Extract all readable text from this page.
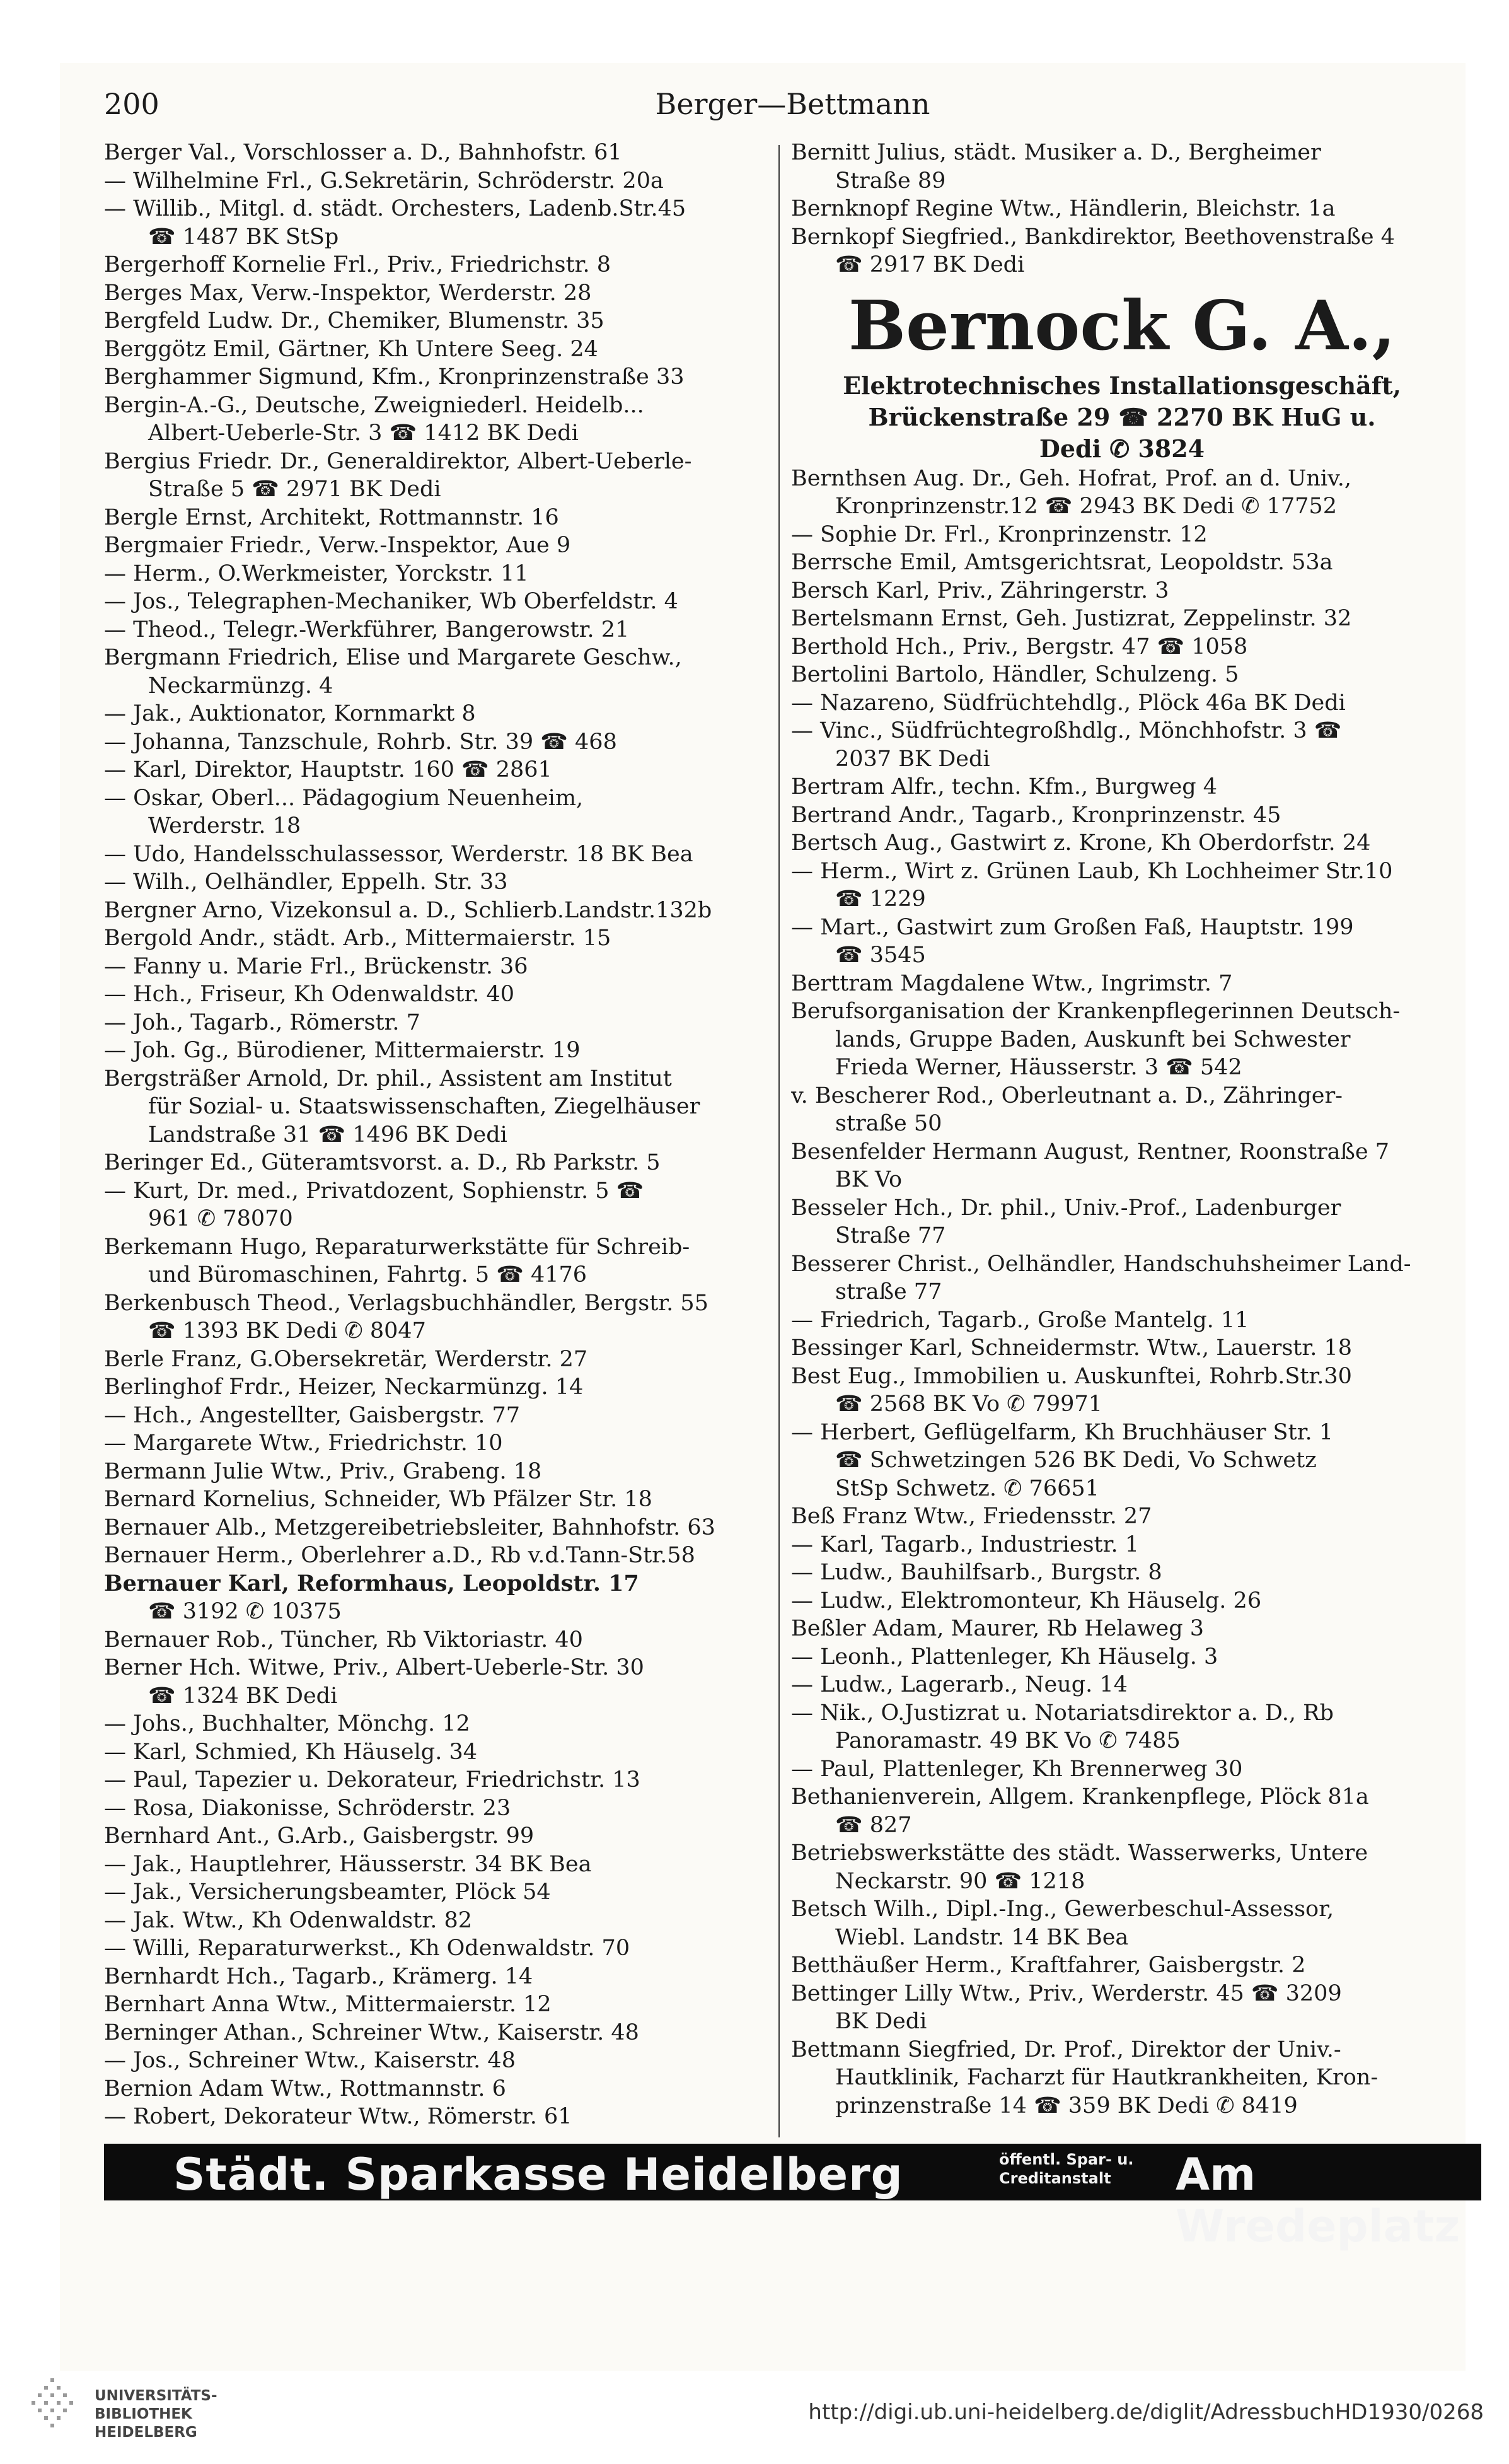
Berger—Bettmann
200

Berger Val., Vorschlosser a. D., Bahnhofstr. 61

— Wilhelmine Frl., G.Sekretärin, Schröderstr. 20a

— Willib., Mitgl. d. städt. Orchesters, Ladenb.Str.45

☎ 1487 BK StSp

Bergerhoff Kornelie Frl., Priv., Friedrichstr. 8

Berges Max, Verw.-Inspektor, Werderstr. 28

Bergfeld Ludw. Dr., Chemiker, Blumenstr. 35

Berggötz Emil, Gärtner, Kh Untere Seeg. 24

Berghammer Sigmund, Kfm., Kronprinzenstraße 33

Bergin-A.-G., Deutsche, Zweigniederl. Heidelb...

Albert-Ueberle-Str. 3 ☎ 1412 BK Dedi

Bergius Friedr. Dr., Generaldirektor, Albert-Ueberle-

Straße 5 ☎ 2971 BK Dedi

Bergle Ernst, Architekt, Rottmannstr. 16

Bergmaier Friedr., Verw.-Inspektor, Aue 9

— Herm., O.Werkmeister, Yorckstr. 11

— Jos., Telegraphen-Mechaniker, Wb Oberfeldstr. 4

— Theod., Telegr.-Werkführer, Bangerowstr. 21

Bergmann Friedrich, Elise und Margarete Geschw.,

Neckarmünzg. 4

— Jak., Auktionator, Kornmarkt 8

— Johanna, Tanzschule, Rohrb. Str. 39 ☎ 468

— Karl, Direktor, Hauptstr. 160 ☎ 2861

— Oskar, Oberl... Pädagogium Neuenheim,

Werderstr. 18

— Udo, Handelsschulassessor, Werderstr. 18 BK Bea

— Wilh., Oelhändler, Eppelh. Str. 33

Bergner Arno, Vizekonsul a. D., Schlierb.Landstr.132b

Bergold Andr., städt. Arb., Mittermaierstr. 15

— Fanny u. Marie Frl., Brückenstr. 36

— Hch., Friseur, Kh Odenwaldstr. 40

— Joh., Tagarb., Römerstr. 7

— Joh. Gg., Bürodiener, Mittermaierstr. 19

Bergsträßer Arnold, Dr. phil., Assistent am Institut

für Sozial- u. Staatswissenschaften, Ziegelhäuser

Landstraße 31 ☎ 1496 BK Dedi

Beringer Ed., Güteramtsvorst. a. D., Rb Parkstr. 5

— Kurt, Dr. med., Privatdozent, Sophienstr. 5 ☎

961 ✆ 78070

Berkemann Hugo, Reparaturwerkstätte für Schreib-

und Büromaschinen, Fahrtg. 5 ☎ 4176

Berkenbusch Theod., Verlagsbuchhändler, Bergstr. 55

☎ 1393 BK Dedi ✆ 8047

Berle Franz, G.Obersekretär, Werderstr. 27

Berlinghof Frdr., Heizer, Neckarmünzg. 14

— Hch., Angestellter, Gaisbergstr. 77

— Margarete Wtw., Friedrichstr. 10

Bermann Julie Wtw., Priv., Grabeng. 18

Bernard Kornelius, Schneider, Wb Pfälzer Str. 18

Bernauer Alb., Metzgereibetriebsleiter, Bahnhofstr. 63

Bernauer Herm., Oberlehrer a.D., Rb v.d.Tann-Str.58

Bernauer Karl, Reformhaus, Leopoldstr. 17

☎ 3192 ✆ 10375

Bernauer Rob., Tüncher, Rb Viktoriastr. 40

Berner Hch. Witwe, Priv., Albert-Ueberle-Str. 30

☎ 1324 BK Dedi

— Johs., Buchhalter, Mönchg. 12

— Karl, Schmied, Kh Häuselg. 34

— Paul, Tapezier u. Dekorateur, Friedrichstr. 13

— Rosa, Diakonisse, Schröderstr. 23

Bernhard Ant., G.Arb., Gaisbergstr. 99

— Jak., Hauptlehrer, Häusserstr. 34 BK Bea

— Jak., Versicherungsbeamter, Plöck 54

— Jak. Wtw., Kh Odenwaldstr. 82

— Willi, Reparaturwerkst., Kh Odenwaldstr. 70

Bernhardt Hch., Tagarb., Krämerg. 14

Bernhart Anna Wtw., Mittermaierstr. 12

Berninger Athan., Schreiner Wtw., Kaiserstr. 48

— Jos., Schreiner Wtw., Kaiserstr. 48

Bernion Adam Wtw., Rottmannstr. 6

— Robert, Dekorateur Wtw., Römerstr. 61

Bernitt Julius, städt. Musiker a. D., Bergheimer

Straße 89

Bernknopf Regine Wtw., Händlerin, Bleichstr. 1a

Bernkopf Siegfried., Bankdirektor, Beethovenstraße 4

☎ 2917 BK Dedi

Bernock G. A.,

Elektrotechnisches Installationsgeschäft,

Brückenstraße 29 ☎ 2270 BK HuG u.

Dedi ✆ 3824

Bernthsen Aug. Dr., Geh. Hofrat, Prof. an d. Univ.,

Kronprinzenstr.12 ☎ 2943 BK Dedi ✆ 17752

— Sophie Dr. Frl., Kronprinzenstr. 12

Berrsche Emil, Amtsgerichtsrat, Leopoldstr. 53a

Bersch Karl, Priv., Zähringerstr. 3

Bertelsmann Ernst, Geh. Justizrat, Zeppelinstr. 32

Berthold Hch., Priv., Bergstr. 47 ☎ 1058

Bertolini Bartolo, Händler, Schulzeng. 5

— Nazareno, Südfrüchtehdlg., Plöck 46a BK Dedi

— Vinc., Südfrüchtegroßhdlg., Mönchhofstr. 3 ☎

2037 BK Dedi

Bertram Alfr., techn. Kfm., Burgweg 4

Bertrand Andr., Tagarb., Kronprinzenstr. 45

Bertsch Aug., Gastwirt z. Krone, Kh Oberdorfstr. 24

— Herm., Wirt z. Grünen Laub, Kh Lochheimer Str.10

☎ 1229

— Mart., Gastwirt zum Großen Faß, Hauptstr. 199

☎ 3545

Berttram Magdalene Wtw., Ingrimstr. 7

Berufsorganisation der Krankenpflegerinnen Deutsch-

lands, Gruppe Baden, Auskunft bei Schwester

Frieda Werner, Häusserstr. 3 ☎ 542

v. Bescherer Rod., Oberleutnant a. D., Zähringer-

straße 50

Besenfelder Hermann August, Rentner, Roonstraße 7

BK Vo

Besseler Hch., Dr. phil., Univ.-Prof., Ladenburger

Straße 77

Besserer Christ., Oelhändler, Handschuhsheimer Land-

straße 77

— Friedrich, Tagarb., Große Mantelg. 11

Bessinger Karl, Schneidermstr. Wtw., Lauerstr. 18

Best Eug., Immobilien u. Auskunftei, Rohrb.Str.30

☎ 2568 BK Vo ✆ 79971

— Herbert, Geflügelfarm, Kh Bruchhäuser Str. 1

☎ Schwetzingen 526 BK Dedi, Vo Schwetz

StSp Schwetz. ✆ 76651

Beß Franz Wtw., Friedensstr. 27

— Karl, Tagarb., Industriestr. 1

— Ludw., Bauhilfsarb., Burgstr. 8

— Ludw., Elektromonteur, Kh Häuselg. 26

Beßler Adam, Maurer, Rb Helaweg 3

— Leonh., Plattenleger, Kh Häuselg. 3

— Ludw., Lagerarb., Neug. 14

— Nik., O.Justizrat u. Notariatsdirektor a. D., Rb

Panoramastr. 49 BK Vo ✆ 7485

— Paul, Plattenleger, Kh Brennerweg 30

Bethanienverein, Allgem. Krankenpflege, Plöck 81a

☎ 827

Betriebswerkstätte des städt. Wasserwerks, Untere

Neckarstr. 90 ☎ 1218

Betsch Wilh., Dipl.-Ing., Gewerbeschul-Assessor,

Wiebl. Landstr. 14 BK Bea

Betthäußer Herm., Kraftfahrer, Gaisbergstr. 2

Bettinger Lilly Wtw., Priv., Werderstr. 45 ☎ 3209

BK Dedi

Bettmann Siegfried, Dr. Prof., Direktor der Univ.-

Hautklinik, Facharzt für Hautkrankheiten, Kron-

prinzenstraße 14 ☎ 359 BK Dedi ✆ 8419

Städt. Sparkasse Heidelberg	öffentl. Spar- u.
Creditanstalt	Am Wredeplatz
UNIVERSITÄTS-
BIBLIOTHEK
HEIDELBERG
http://digi.ub.uni-heidelberg.de/diglit/AdressbuchHD1930/0268
